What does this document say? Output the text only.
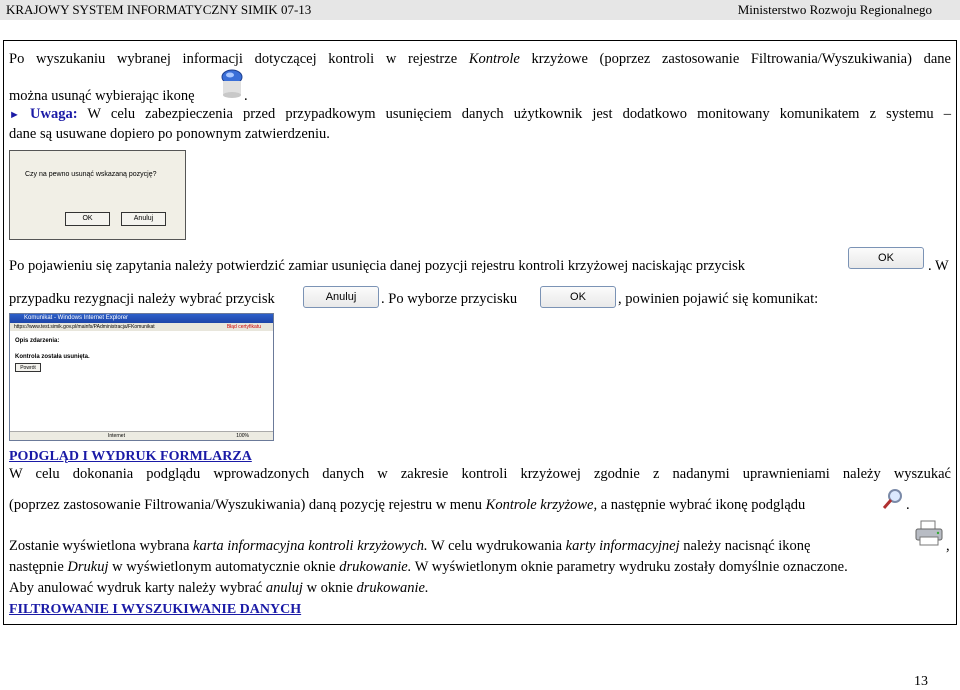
KRAJOWY SYSTEM INFORMATYCZNY SIMIK 07-13	Ministerstwo Rozwoju Regionalnego
Po wyszukaniu wybranej informacji dotyczącej kontroli w rejestrze Kontrole krzyżowe (poprzez zastosowanie Filtrowania/Wyszukiwania) dane
można usunąć wybierając ikonę	.
► Uwaga: W celu zabezpieczenia przed przypadkowym usunięciem danych użytkownik jest dodatkowo monitowany komunikatem z systemu –
dane są usuwane dopiero po ponownym zatwierdzeniu.
Czy na pewno usunąć wskazaną pozycję?
OK	Anuluj
Po pojawieniu się zapytania należy potwierdzić zamiar usunięcia danej pozycji rejestru kontroli krzyżowej naciskając przycisk	OK	. W
przypadku rezygnacji należy wybrać przycisk	Anuluj	. Po wyborze przycisku	OK	, powinien pojawić się komunikat:
Komunikat - Windows Internet Explorer
https://www.test.simik.gov.pl/mainfs/PAdministracja/FKomunikat	Błąd certyfikatu
Opis zdarzenia:
Kontrola została usunięta.
Powrót
Internet	100%
PODGLĄD I WYDRUK FORMLARZA
W celu dokonania podglądu wprowadzonych danych w zakresie kontroli krzyżowej zgodnie z nadanymi uprawnieniami należy wyszukać
(poprzez zastosowanie Filtrowania/Wyszukiwania) daną pozycję rejestru w menu Kontrole krzyżowe, a następnie wybrać ikonę podglądu	.
Zostanie wyświetlona wybrana karta informacyjna kontroli krzyżowych. W celu wydrukowania karty informacyjnej należy nacisnąć ikonę	,
następnie Drukuj w wyświetlonym automatycznie oknie drukowanie. W wyświetlonym oknie parametry wydruku zostały domyślnie oznaczone.
Aby anulować wydruk karty należy wybrać anuluj w oknie drukowanie.
FILTROWANIE I WYSZUKIWANIE DANYCH
13
